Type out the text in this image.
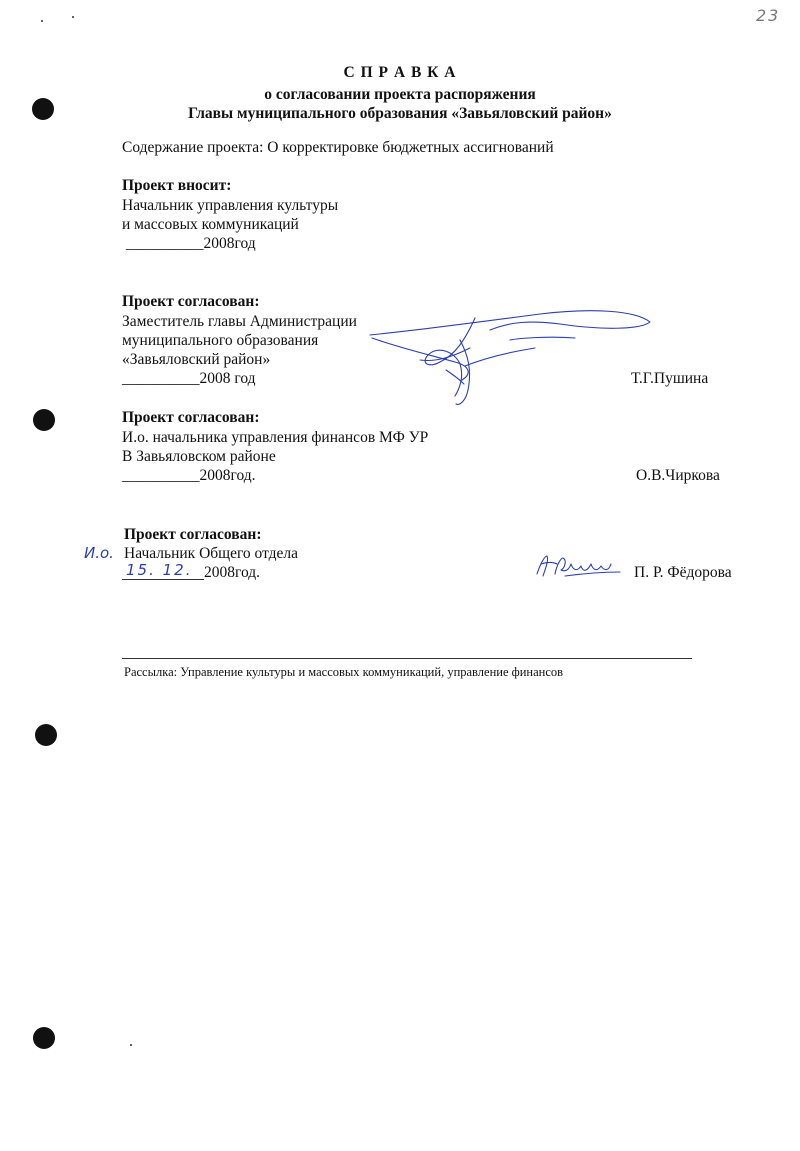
23
С П Р А В К А
о согласовании проекта распоряжения
Главы муниципального образования «Завьяловский район»
Содержание проекта: О корректировке бюджетных ассигнований
Проект вносит:
Начальник управления культуры
и массовых коммуникаций
__________2008год
Проект согласован:
Заместитель главы Администрации
муниципального образования
«Завьяловский район»
__________2008 год	Т.Г.Пушина
Проект согласован:
И.о. начальника управления финансов МФ УР
В Завьяловском районе
__________2008год.	О.В.Чиркова
Проект согласован:
И.о. Начальник Общего отдела
15. 12. 2008год.	П. Р. Фёдорова
Рассылка: Управление культуры и массовых коммуникаций, управление финансов
